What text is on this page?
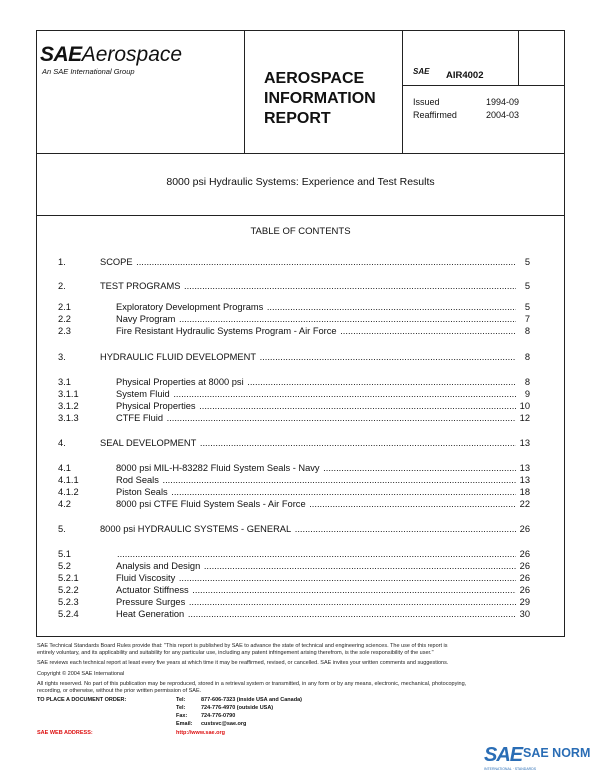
SAEAerospace
An SAE International Group	AEROSPACE
INFORMATION
REPORT
SAE AIR4002
Issued	1994-09
Reaffirmed	2004-03
8000 psi Hydraulic Systems: Experience and Test Results
TABLE OF CONTENTS
1.	SCOPE .....	5
2.	TEST PROGRAMS .....	5
2.1	Exploratory Development Programs .....	5
2.2	Navy Program .....	7
2.3	Fire Resistant Hydraulic Systems Program - Air Force .....	8
3.	HYDRAULIC FLUID DEVELOPMENT .....	8
3.1	Physical Properties at 8000 psi .....	8
3.1.1	System Fluid .....	9
3.1.2	Physical Properties .....	10
3.1.3	CTFE Fluid .....	12
4.	SEAL DEVELOPMENT .....	13
4.1	8000 psi MIL-H-83282 Fluid System Seals - Navy .....	13
4.1.1	Rod Seals .....	13
4.1.2	Piston Seals .....	18
4.2	8000 psi CTFE Fluid System Seals - Air Force .....	22
5.	8000 psi HYDRAULIC SYSTEMS - GENERAL .....	26
5.1 .....	26
5.2	Analysis and Design .....	26
5.2.1	Fluid Viscosity .....	26
5.2.2	Actuator Stiffness .....	26
5.2.3	Pressure Surges .....	29
5.2.4	Heat Generation .....	30
SAE Technical Standards Board Rules provide that: "This report is published by SAE to advance the state of technical and engineering sciences. The use of this report is
entirely voluntary, and its applicability and suitability for any particular use, including any patent infringement arising therefrom, is the sole responsibility of the user."
SAE reviews each technical report at least every five years at which time it may be reaffirmed, revised, or cancelled. SAE invites your written comments and suggestions.
Copyright © 2004 SAE International
All rights reserved. No part of this publication may be reproduced, stored in a retrieval system or transmitted, in any form or by any means, electronic, mechanical, photocopying,
recording, or otherwise, without the prior written permission of SAE.
TO PLACE A DOCUMENT ORDER:	Tel:	877-606-7323 (inside USA and Canada)
Tel:	724-776-4970 (outside USA)
Fax: 724-776-0790
Email: custsvc@sae.org
SAE WEB ADDRESS:	http://www.sae.org
SAE SAE NORM
INTERNATIONAL · STANDARDS
